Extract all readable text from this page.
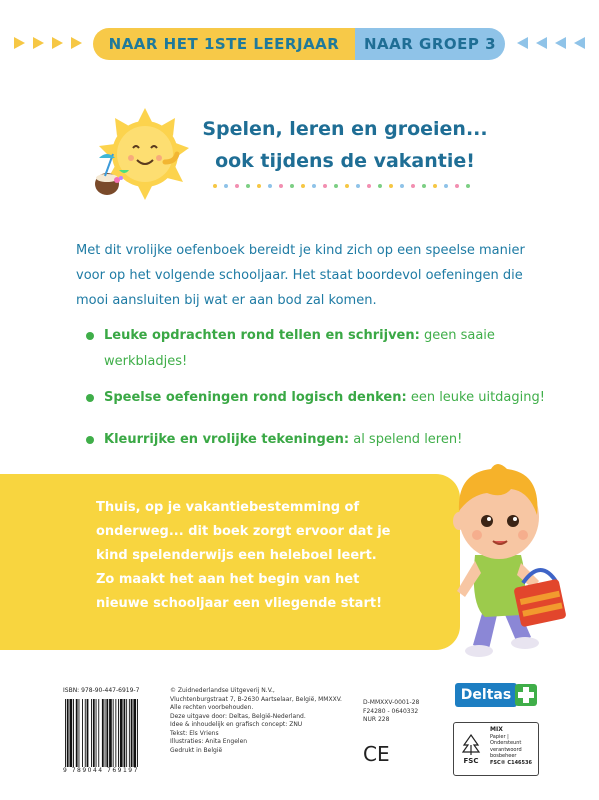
NAAR HET 1STE LEERJAAR	NAAR GROEP 3
Spelen, leren en groeien...
ook tijdens de vakantie!

Met dit vrolijke oefenboek bereidt je kind zich op een speelse manier voor op het volgende schooljaar. Het staat boordevol oefeningen die mooi aansluiten bij wat er aan bod zal komen.

Leuke opdrachten rond tellen en schrijven: geen saaie werkbladjes!
Speelse oefeningen rond logisch denken: een leuke uitdaging!
Kleurrijke en vrolijke tekeningen: al spelend leren!

Thuis, op je vakantiebestemming of onderweg... dit boek zorgt ervoor dat je kind spelenderwijs een heleboel leert. Zo maakt het aan het begin van het nieuwe schooljaar een vliegende start!

ISBN: 978-90-447-6919-7
9 789044 769197
© Zuidnederlandse Uitgeverij N.V.,
Vluchtenburgstraat 7, B-2630 Aartselaar, België, MMXXV.
Alle rechten voorbehouden.
Deze uitgave door: Deltas, België-Nederland.
Idee & inhoudelijk en grafisch concept: ZNU
Tekst: Els Vriens
Illustraties: Anita Engelen
Gedrukt in België
D-MMXXV-0001-28
F24280 - 0640332
NUR 228
Deltas
CE	FSC
MIX
Papier | Ondersteunt
verantwoord bosbeheer
FSC® C146536
